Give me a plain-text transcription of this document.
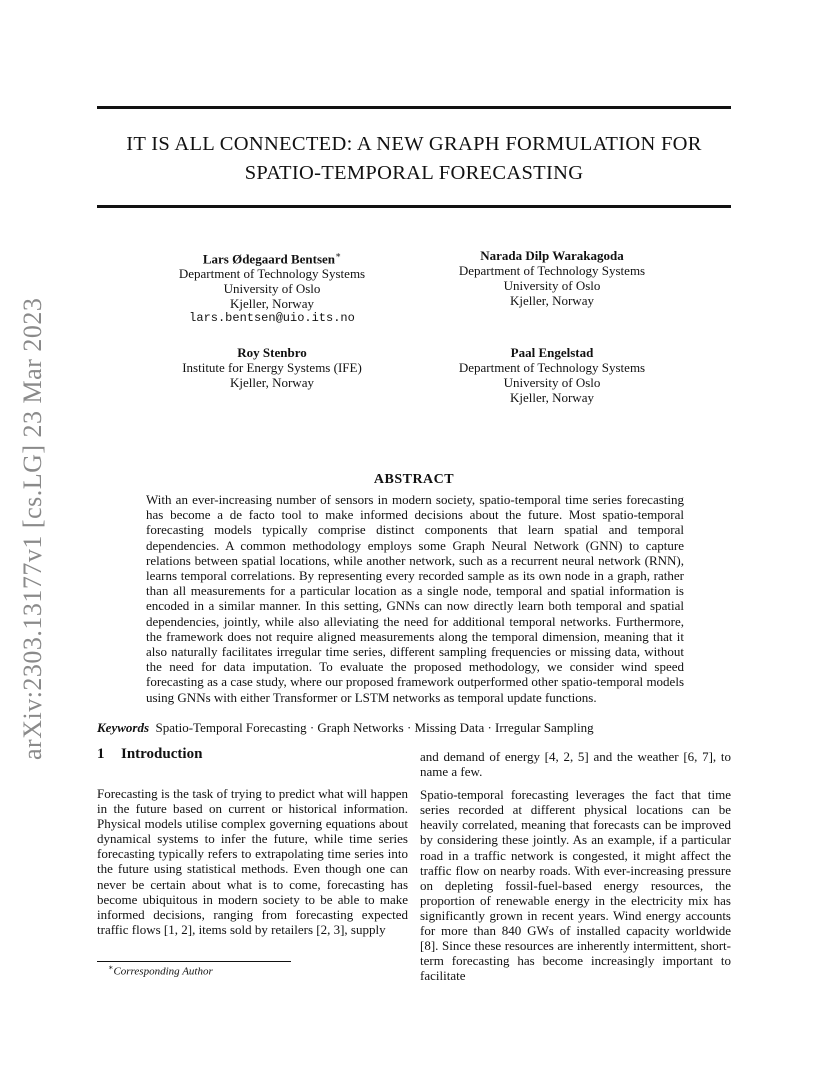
arXiv:2303.13177v1 [cs.LG] 23 Mar 2023
IT IS ALL CONNECTED: A NEW GRAPH FORMULATION FOR
SPATIO-TEMPORAL FORECASTING
Lars Ødegaard Bentsen∗
Department of Technology Systems
University of Oslo
Kjeller, Norway
lars.bentsen@uio.its.no
Narada Dilp Warakagoda
Department of Technology Systems
University of Oslo
Kjeller, Norway
Roy Stenbro
Institute for Energy Systems (IFE)
Kjeller, Norway
Paal Engelstad
Department of Technology Systems
University of Oslo
Kjeller, Norway
ABSTRACT
With an ever-increasing number of sensors in modern society, spatio-temporal time series forecasting has become a de facto tool to make informed decisions about the future. Most spatio-temporal forecasting models typically comprise distinct components that learn spatial and temporal dependencies. A common methodology employs some Graph Neural Network (GNN) to capture relations between spatial locations, while another network, such as a recurrent neural network (RNN), learns temporal correlations. By representing every recorded sample as its own node in a graph, rather than all measurements for a particular location as a single node, temporal and spatial information is encoded in a similar manner. In this setting, GNNs can now directly learn both temporal and spatial dependencies, jointly, while also alleviating the need for additional temporal networks. Furthermore, the framework does not require aligned measurements along the temporal dimension, meaning that it also naturally facilitates irregular time series, different sampling frequencies or missing data, without the need for data imputation. To evaluate the proposed methodology, we consider wind speed forecasting as a case study, where our proposed framework outperformed other spatio-temporal models using GNNs with either Transformer or LSTM networks as temporal update functions.
Keywords Spatio-Temporal Forecasting · Graph Networks · Missing Data · Irregular Sampling
1 Introduction

Forecasting is the task of trying to predict what will happen in the future based on current or historical information. Physical models utilise complex governing equations about dynamical systems to infer the future, while time series forecasting typically refers to extrapolating time series into the future using statistical methods. Even though one can never be certain about what is to come, forecasting has become ubiquitous in modern society to be able to make informed decisions, ranging from forecasting expected traffic flows [1, 2], items sold by retailers [2, 3], supply

and demand of energy [4, 2, 5] and the weather [6, 7], to name a few.

Spatio-temporal forecasting leverages the fact that time series recorded at different physical locations can be heavily correlated, meaning that forecasts can be improved by considering these jointly. As an example, if a particular road in a traffic network is congested, it might affect the traffic flow on nearby roads. With ever-increasing pressure on depleting fossil-fuel-based energy resources, the proportion of renewable energy in the electricity mix has significantly grown in recent years. Wind energy accounts for more than 840 GWs of installed capacity worldwide [8]. Since these resources are inherently intermittent, short-term forecasting has become increasingly important to facilitate

∗Corresponding Author
